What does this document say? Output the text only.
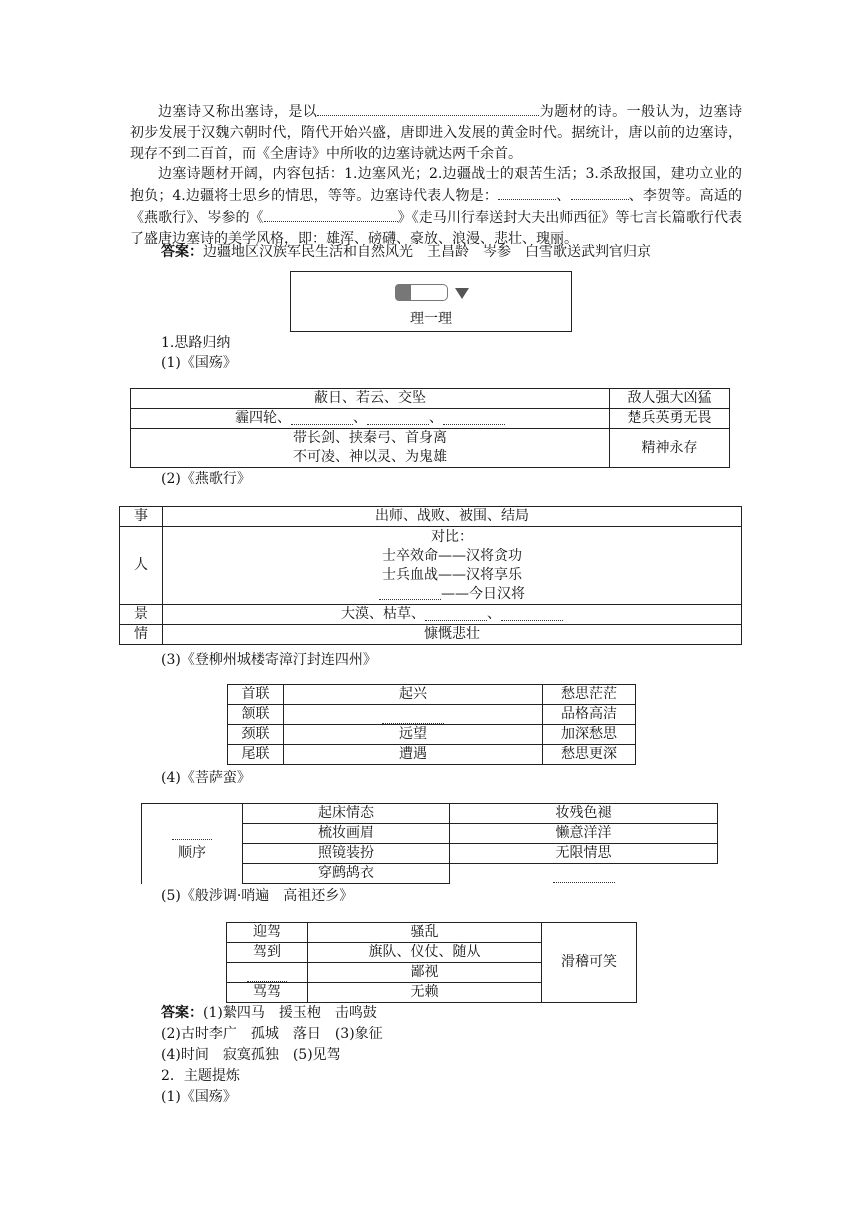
边塞诗又称出塞诗，是以	为题材的诗。一般认为，边塞诗初步发展于汉魏六朝时代，隋代开始兴盛，唐即进入发展的黄金时代。据统计，唐以前的边塞诗，现存不到二百首，而《全唐诗》中所收的边塞诗就达两千余首。
边塞诗题材开阔，内容包括：1.边塞风光；2.边疆战士的艰苦生活；3.杀敌报国，建功立业的抱负；4.边疆将士思乡的情思，等等。边塞诗代表人物是：	、	、李贺等。高适的《燕歌行》、岑参的《	》《走马川行奉送封大夫出师西征》等七言长篇歌行代表了盛唐边塞诗的美学风格，即：雄浑、磅礴、豪放、浪漫、悲壮、瑰丽。
答案：边疆地区汉族军民生活和自然风光　王昌龄　岑参　白雪歌送武判官归京
理一理
1.思路归纳
(1)《国殇》
蔽日、若云、交坠	敌人强大凶猛
霾四轮、 、 、	楚兵英勇无畏

带长剑、挟秦弓、首身离
不可凌、神以灵、为鬼雄	精神永存
(2)《燕歌行》
事	出师、战败、被围、结局
人	对比：
士卒效命——汉将贪功
士兵血战——汉将享乐
——今日汉将

景	大漠、枯草、 、
情	慷慨悲壮
(3)《登柳州城楼寄漳汀封连四州》
首联	起兴	愁思茫茫
颔联		品格高洁
颈联	远望	加深愁思
尾联	遭遇	愁思更深
(4)《菩萨蛮》
顺序	起床情态	妆残色褪
	梳妆画眉	懒意洋洋
	照镜装扮	无限情思
	穿鹧鸪衣	
(5)《般涉调·哨遍　高祖还乡》
迎驾	骚乱	滑稽可笑
驾到	旗队、仪仗、随从	
	鄙视	
骂驾	无赖	
答案：(1)縶四马　援玉枹　击鸣鼓
(2)古时李广　孤城　落日　(3)象征
(4)时间　寂寞孤独　(5)见驾
2．主题提炼
(1)《国殇》
